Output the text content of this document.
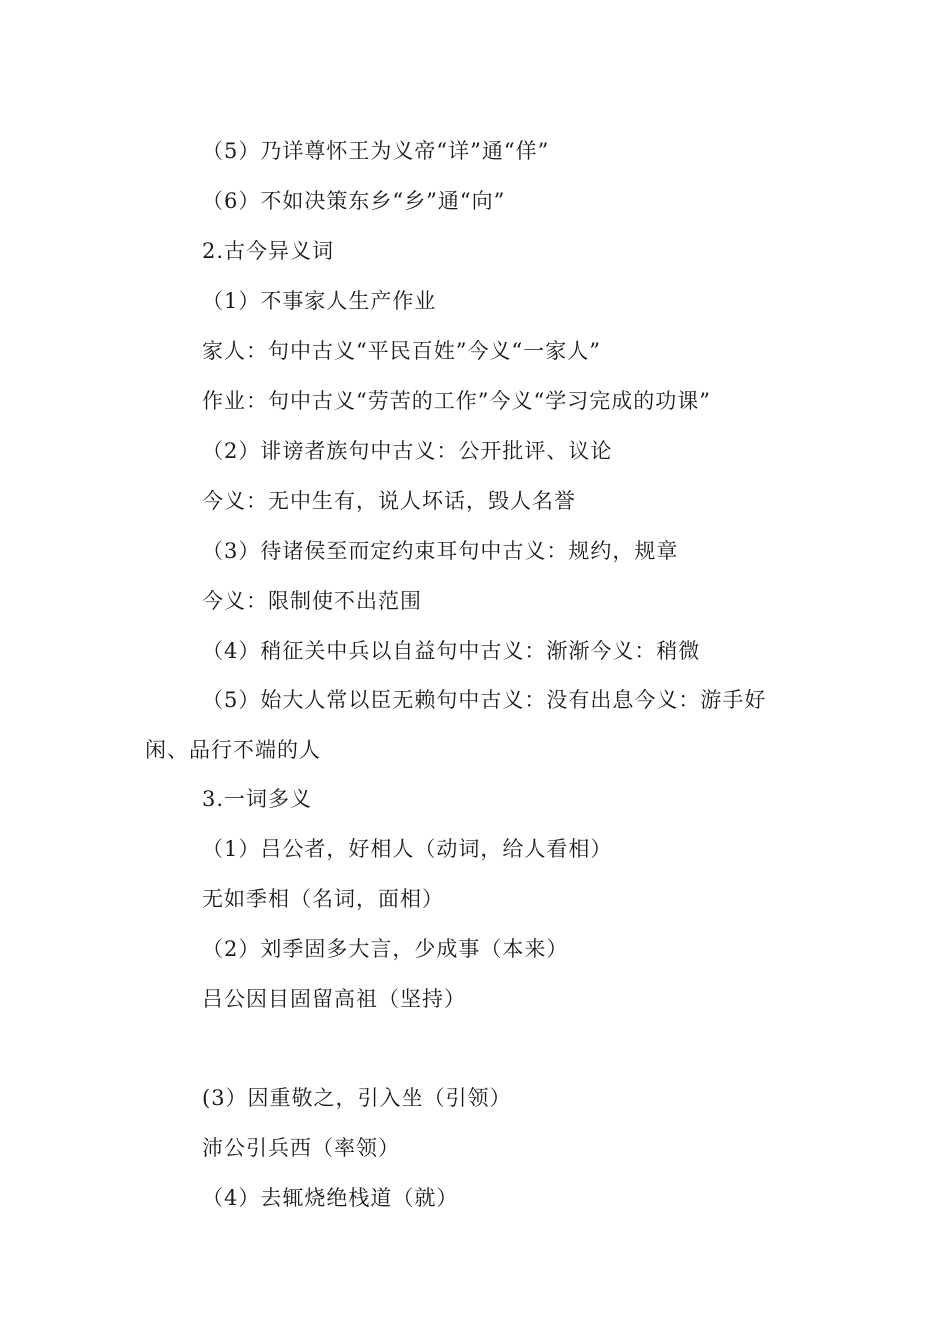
（5）乃详尊怀王为义帝“详”通“佯”
（6）不如决策东乡“乡”通“向”
2.古今异义词
（1）不事家人生产作业
家人：句中古义“平民百姓”今义“一家人”
作业：句中古义“劳苦的工作”今义“学习完成的功课”
（2）诽谤者族句中古义：公开批评、议论
今义：无中生有，说人坏话，毁人名誉
（3）待诸侯至而定约束耳句中古义：规约，规章
今义：限制使不出范围
（4）稍征关中兵以自益句中古义：渐渐今义：稍微
（5）始大人常以臣无赖句中古义：没有出息今义：游手好
闲、品行不端的人
3.一词多义
（1）吕公者，好相人（动词，给人看相）
无如季相（名词，面相）
（2）刘季固多大言，少成事（本来）
吕公因目固留高祖（坚持）
(3）因重敬之，引入坐（引领）
沛公引兵西（率领）
（4）去辄烧绝栈道（就）
